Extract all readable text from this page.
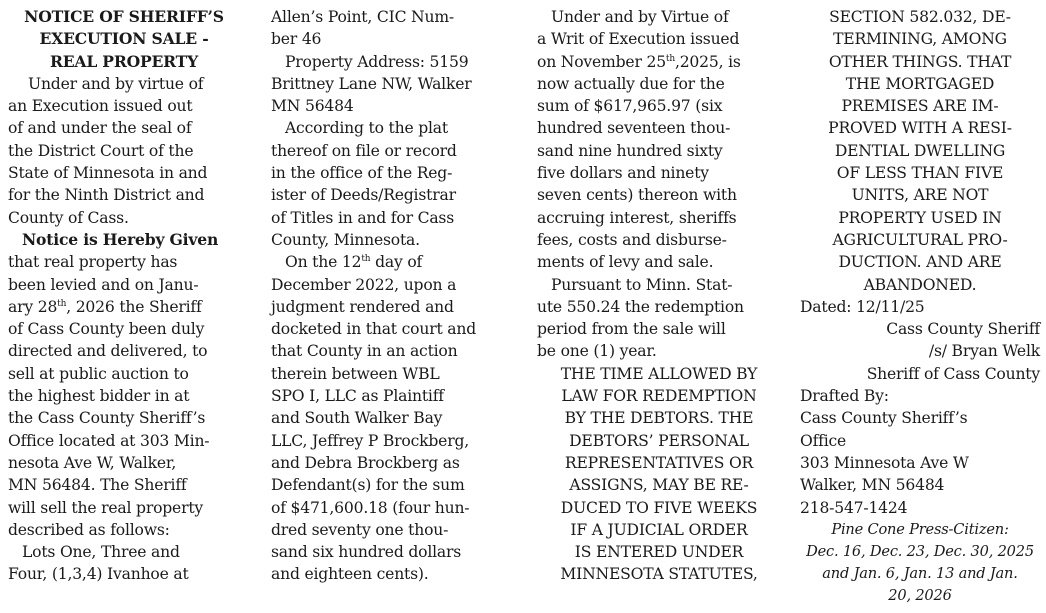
NOTICE OF SHERIFF’S
EXECUTION SALE -
REAL PROPERTY
Under and by virtue of
an Execution issued out
of and under the seal of
the District Court of the
State of Minnesota in and
for the Ninth District and
County of Cass.
Notice is Hereby Given
that real property has
been levied and on Janu-
ary 28th, 2026 the Sheriff
of Cass County been duly
directed and delivered, to
sell at public auction to
the highest bidder in at
the Cass County Sheriff’s
Office located at 303 Min-
nesota Ave W, Walker,
MN 56484. The Sheriff
will sell the real property
described as follows:
Lots One, Three and
Four, (1,3,4) Ivanhoe at
Allen’s Point, CIC Num-
ber 46
Property Address: 5159
Brittney Lane NW, Walker
MN 56484
According to the plat
thereof on file or record
in the office of the Reg-
ister of Deeds/Registrar
of Titles in and for Cass
County, Minnesota.
On the 12th day of
December 2022, upon a
judgment rendered and
docketed in that court and
that County in an action
therein between WBL
SPO I, LLC as Plaintiff
and South Walker Bay
LLC, Jeffrey P Brockberg,
and Debra Brockberg as
Defendant(s) for the sum
of $471,600.18 (four hun-
dred seventy one thou-
sand six hundred dollars
and eighteen cents).
Under and by Virtue of
a Writ of Execution issued
on November 25th,2025, is
now actually due for the
sum of $617,965.97 (six
hundred seventeen thou-
sand nine hundred sixty
five dollars and ninety
seven cents) thereon with
accruing interest, sheriffs
fees, costs and disburse-
ments of levy and sale.
Pursuant to Minn. Stat-
ute 550.24 the redemption
period from the sale will
be one (1) year.
THE TIME ALLOWED BY
LAW FOR REDEMPTION
BY THE DEBTORS. THE
DEBTORS’ PERSONAL
REPRESENTATIVES OR
ASSIGNS, MAY BE RE-
DUCED TO FIVE WEEKS
IF A JUDICIAL ORDER
IS ENTERED UNDER
MINNESOTA STATUTES,
SECTION 582.032, DE-
TERMINING, AMONG
OTHER THINGS. THAT
THE MORTGAGED
PREMISES ARE IM-
PROVED WITH A RESI-
DENTIAL DWELLING
OF LESS THAN FIVE
UNITS, ARE NOT
PROPERTY USED IN
AGRICULTURAL PRO-
DUCTION. AND ARE
ABANDONED.
Dated: 12/11/25
Cass County Sheriff
/s/ Bryan Welk
Sheriff of Cass County
Drafted By:
Cass County Sheriff’s
Office
303 Minnesota Ave W
Walker, MN 56484
218-547-1424
Pine Cone Press-Citizen:
Dec. 16, Dec. 23, Dec. 30, 2025
and Jan. 6, Jan. 13 and Jan.
20, 2026
